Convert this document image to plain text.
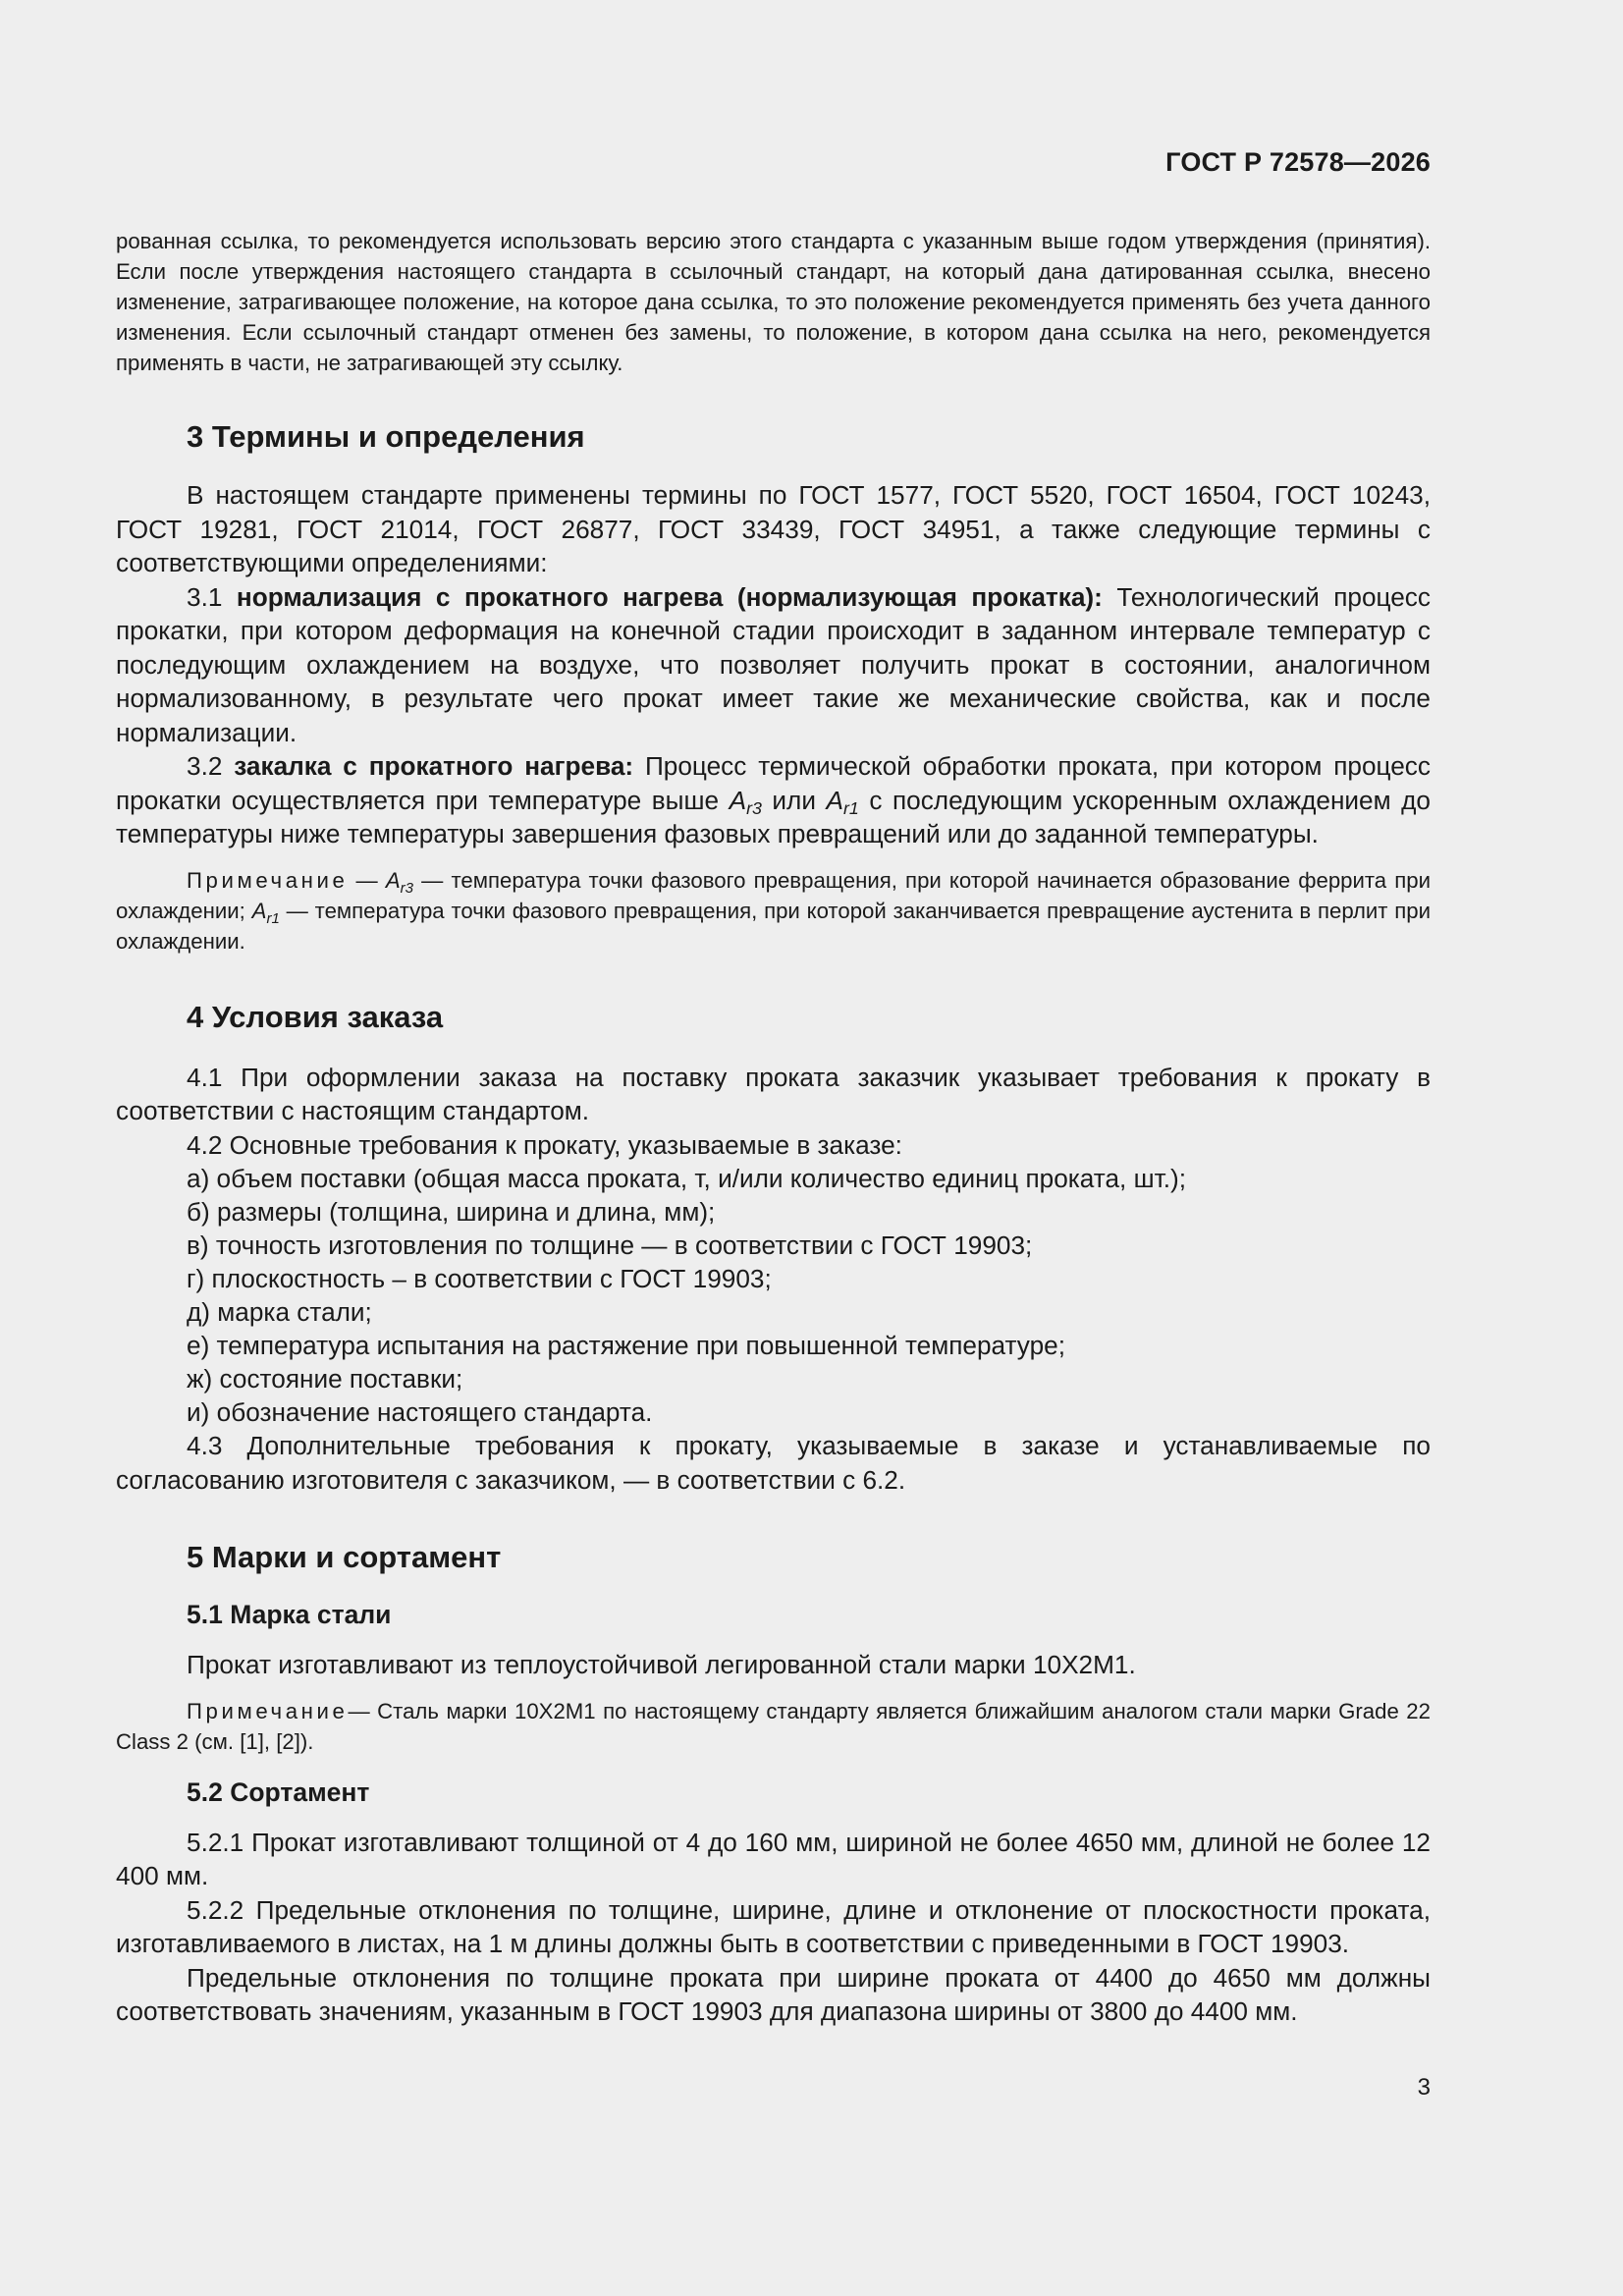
ГОСТ Р 72578—2026

рованная ссылка, то рекомендуется использовать версию этого стандарта с указанным выше годом утверждения (принятия). Если после утверждения настоящего стандарта в ссылочный стандарт, на который дана датированная ссылка, внесено изменение, затрагивающее положение, на которое дана ссылка, то это положение рекомендуется применять без учета данного изменения. Если ссылочный стандарт отменен без замены, то положение, в котором дана ссылка на него, рекомендуется применять в части, не затрагивающей эту ссылку.

3 Термины и определения

В настоящем стандарте применены термины по ГОСТ 1577, ГОСТ 5520, ГОСТ 16504, ГОСТ 10243, ГОСТ 19281, ГОСТ 21014, ГОСТ 26877, ГОСТ 33439, ГОСТ 34951, а также следующие термины с соответствующими определениями:

3.1 нормализация с прокатного нагрева (нормализующая прокатка): Технологический процесс прокатки, при котором деформация на конечной стадии происходит в заданном интервале температур с последующим охлаждением на воздухе, что позволяет получить прокат в состоянии, аналогичном нормализованному, в результате чего прокат имеет такие же механические свойства, как и после нормализации.

3.2 закалка с прокатного нагрева: Процесс термической обработки проката, при котором процесс прокатки осуществляется при температуре выше $A_{r3}$ или $A_{r1}$ с последующим ускоренным охлаждением до температуры ниже температуры завершения фазовых превращений или до заданной температуры.

Примечание — $A_{r3}$ — температура точки фазового превращения, при которой начинается образование феррита при охлаждении; $A_{r1}$ — температура точки фазового превращения, при которой заканчивается превращение аустенита в перлит при охлаждении.

4 Условия заказа

4.1 При оформлении заказа на поставку проката заказчик указывает требования к прокату в соответствии с настоящим стандартом.

4.2 Основные требования к прокату, указываемые в заказе:

а) объем поставки (общая масса проката, т, и/или количество единиц проката, шт.);

б) размеры (толщина, ширина и длина, мм);

в) точность изготовления по толщине — в соответствии с ГОСТ 19903;

г) плоскостность – в соответствии с ГОСТ 19903;

д) марка стали;

е) температура испытания на растяжение при повышенной температуре;

ж) состояние поставки;

и) обозначение настоящего стандарта.

4.3 Дополнительные требования к прокату, указываемые в заказе и устанавливаемые по согласованию изготовителя с заказчиком, — в соответствии с 6.2.

5 Марки и сортамент
5.1 Марка стали

Прокат изготавливают из теплоустойчивой легированной стали марки 10Х2М1.

Примечание— Сталь марки 10Х2М1 по настоящему стандарту является ближайшим аналогом стали марки Grade 22 Class 2 (см. [1], [2]).

5.2 Сортамент

5.2.1 Прокат изготавливают толщиной от 4 до 160 мм, шириной не более 4650 мм, длиной не более 12 400 мм.

5.2.2 Предельные отклонения по толщине, ширине, длине и отклонение от плоскостности проката, изготавливаемого в листах, на 1 м длины должны быть в соответствии с приведенными в ГОСТ 19903.

Предельные отклонения по толщине проката при ширине проката от 4400 до 4650 мм должны соответствовать значениям, указанным в ГОСТ 19903 для диапазона ширины от 3800 до 4400 мм.

3
